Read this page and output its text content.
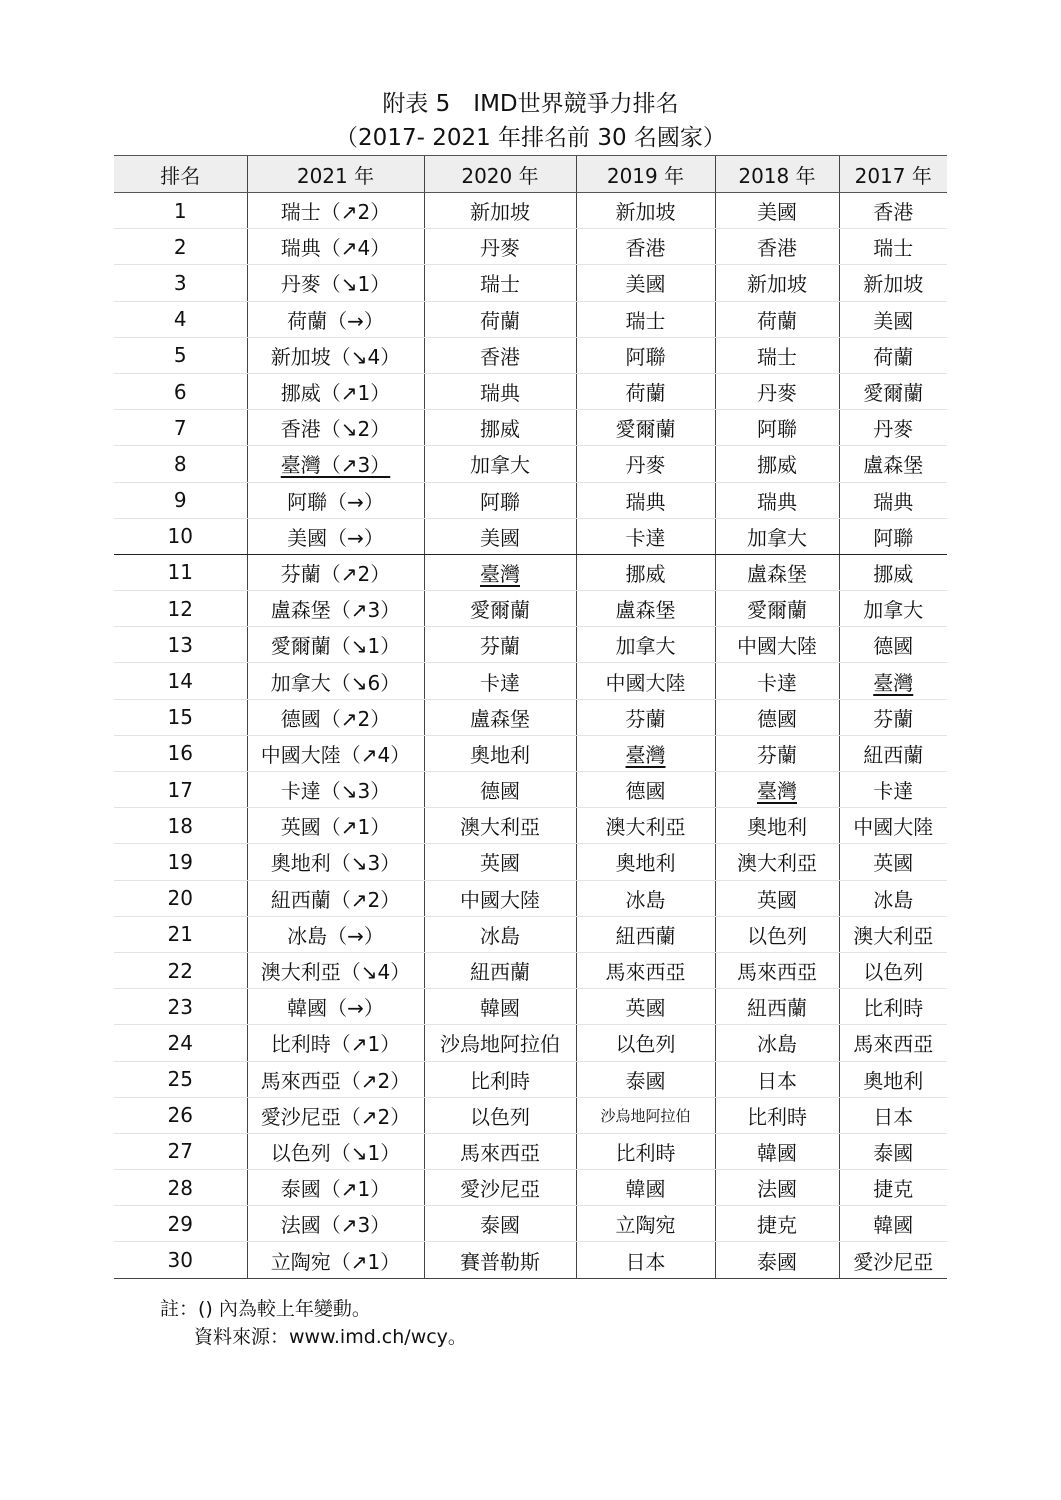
附表 5　IMD世界競爭力排名
（2017- 2021 年排名前 30 名國家）
排名	2021 年	2020 年	2019 年	2018 年	2017 年
1	瑞士（↗2）	新加坡	新加坡	美國	香港
2	瑞典（↗4）	丹麥	香港	香港	瑞士
3	丹麥（↘1）	瑞士	美國	新加坡	新加坡
4	荷蘭（→）	荷蘭	瑞士	荷蘭	美國
5	新加坡（↘4）	香港	阿聯	瑞士	荷蘭
6	挪威（↗1）	瑞典	荷蘭	丹麥	愛爾蘭
7	香港（↘2）	挪威	愛爾蘭	阿聯	丹麥
8	臺灣（↗3）	加拿大	丹麥	挪威	盧森堡
9	阿聯（→）	阿聯	瑞典	瑞典	瑞典
10	美國（→）	美國	卡達	加拿大	阿聯
11	芬蘭（↗2）	臺灣	挪威	盧森堡	挪威
12	盧森堡（↗3）	愛爾蘭	盧森堡	愛爾蘭	加拿大
13	愛爾蘭（↘1）	芬蘭	加拿大	中國大陸	德國
14	加拿大（↘6）	卡達	中國大陸	卡達	臺灣
15	德國（↗2）	盧森堡	芬蘭	德國	芬蘭
16	中國大陸（↗4）	奧地利	臺灣	芬蘭	紐西蘭
17	卡達（↘3）	德國	德國	臺灣	卡達
18	英國（↗1）	澳大利亞	澳大利亞	奧地利	中國大陸
19	奧地利（↘3）	英國	奧地利	澳大利亞	英國
20	紐西蘭（↗2）	中國大陸	冰島	英國	冰島
21	冰島（→）	冰島	紐西蘭	以色列	澳大利亞
22	澳大利亞（↘4）	紐西蘭	馬來西亞	馬來西亞	以色列
23	韓國（→）	韓國	英國	紐西蘭	比利時
24	比利時（↗1）	沙烏地阿拉伯	以色列	冰島	馬來西亞
25	馬來西亞（↗2）	比利時	泰國	日本	奧地利
26	愛沙尼亞（↗2）	以色列	沙烏地阿拉伯	比利時	日本
27	以色列（↘1）	馬來西亞	比利時	韓國	泰國
28	泰國（↗1）	愛沙尼亞	韓國	法國	捷克
29	法國（↗3）	泰國	立陶宛	捷克	韓國
30	立陶宛（↗1）	賽普勒斯	日本	泰國	愛沙尼亞
註：() 內為較上年變動。
資料來源：www.imd.ch/wcy。
